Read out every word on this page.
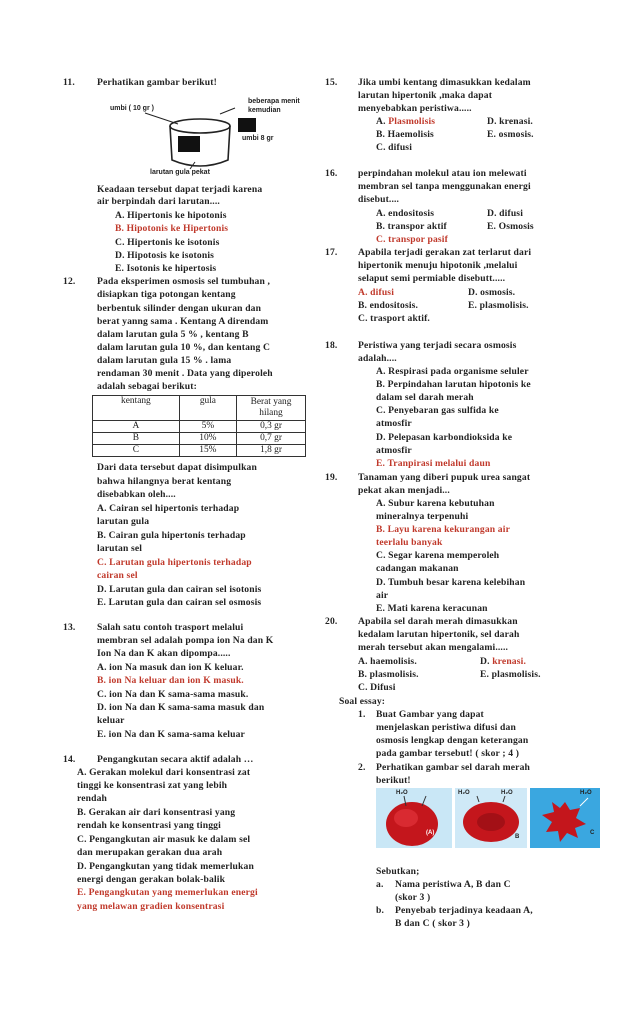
11. Perhatikan gambar berikut!
umbi ( 10 gr )
beberapa menit
kemudian
umbi 8 gr
larutan gula pekat
Keadaan tersebut dapat terjadi karena
air berpindah dari larutan....
A. Hipertonis ke hipotonis
B. Hipotonis ke Hipertonis
C. Hipertonis ke isotonis
D. Hipotosis ke isotonis
E. Isotonis ke hipertosis
12. Pada eksperimen osmosis sel tumbuhan ,
disiapkan tiga potongan kentang
berbentuk silinder dengan ukuran dan
berat yanng sama . Kentang A direndam
dalam larutan gula 5 % , kentang B
dalam larutan gula 10 %, dan kentang C
dalam larutan gula 15 % . lama
rendaman 30 menit . Data yang diperoleh
adalah sebagai berikut:
kentang	gula	Berat yang hilang
A	5%	0,3 gr
B	10%	0,7 gr
C	15%	1,8 gr
Dari data tersebut dapat disimpulkan
bahwa hilangnya berat kentang
disebabkan oleh....
A. Cairan sel hipertonis terhadap
larutan gula
B. Cairan gula hipertonis terhadap
larutan sel
C. Larutan gula hipertonis terhadap
cairan sel
D. Larutan gula dan cairan sel isotonis
E. Larutan gula dan cairan sel osmosis
13. Salah satu contoh trasport melalui
membran sel adalah pompa ion Na dan K
Ion Na dan K akan dipompa.....
A. ion Na masuk dan ion K keluar.
B. ion Na keluar dan ion K masuk.
C. ion Na dan K sama-sama masuk.
D. ion Na dan K sama-sama masuk dan
keluar
E. ion Na dan K sama-sama keluar
14. Pengangkutan secara aktif adalah …
A. Gerakan molekul dari konsentrasi zat
tinggi ke konsentrasi zat yang lebih
rendah
B. Gerakan air dari konsentrasi yang
rendah ke konsentrasi yang tinggi
C. Pengangkutan air masuk ke dalam sel
dan merupakan gerakan dua arah
D. Pengangkutan yang tidak memerlukan
energi dengan gerakan bolak-balik
E. Pengangkutan yang memerlukan energi
yang melawan gradien konsentrasi
15. Jika umbi kentang dimasukkan kedalam
larutan hipertonik ,maka dapat
menyebabkan peristiwa.....
A. Plasmolisis	D. krenasi.
B. Haemolisis	E. osmosis.
C. difusi
16. perpindahan molekul atau ion melewati
membran sel tanpa menggunakan energi
disebut....
A. endositosis	D. difusi
B. transpor aktif	E. Osmosis
C. transpor pasif
17. Apabila terjadi gerakan zat terlarut dari
hipertonik menuju hipotonik ,melalui
selaput semi permiable disebutt.....
A. difusi	D. osmosis.
B. endositosis.	E. plasmolisis.
C. trasport aktif.
18. Peristiwa yang terjadi secara osmosis
adalah....
A. Respirasi pada organisme seluler
B. Perpindahan larutan hipotonis ke
dalam sel darah merah
C. Penyebaran gas sulfida ke
atmosfir
D. Pelepasan karbondioksida ke
atmosfir
E. Tranpirasi melalui daun
19. Tanaman yang diberi pupuk urea sangat
pekat akan menjadi...
A. Subur karena kebutuhan
mineralnya terpenuhi
B. Layu karena kekurangan air
teerlalu banyak
C. Segar karena memperoleh
cadangan makanan
D. Tumbuh besar karena kelebihan
air
E. Mati karena keracunan
20. Apabila sel darah merah dimasukkan
kedalam larutan hipertonik, sel darah
merah tersebut akan mengalami.....
A. haemolisis.	D. krenasi.
B. plasmolisis.	E. plasmolisis.
C. Difusi
Soal essay:
1. Buat Gambar yang dapat
menjelaskan peristiwa difusi dan
osmosis lengkap dengan keterangan
pada gambar tersebut! ( skor ; 4 )
2. Perhatikan gambar sel darah merah
berikut!
H₂O
(A)
H₂O	H₂O
B
H₂O
C
Sebutkan;
a. Nama peristiwa A, B dan C
(skor 3 )
b. Penyebab terjadinya keadaan A,
B dan C ( skor 3 )
